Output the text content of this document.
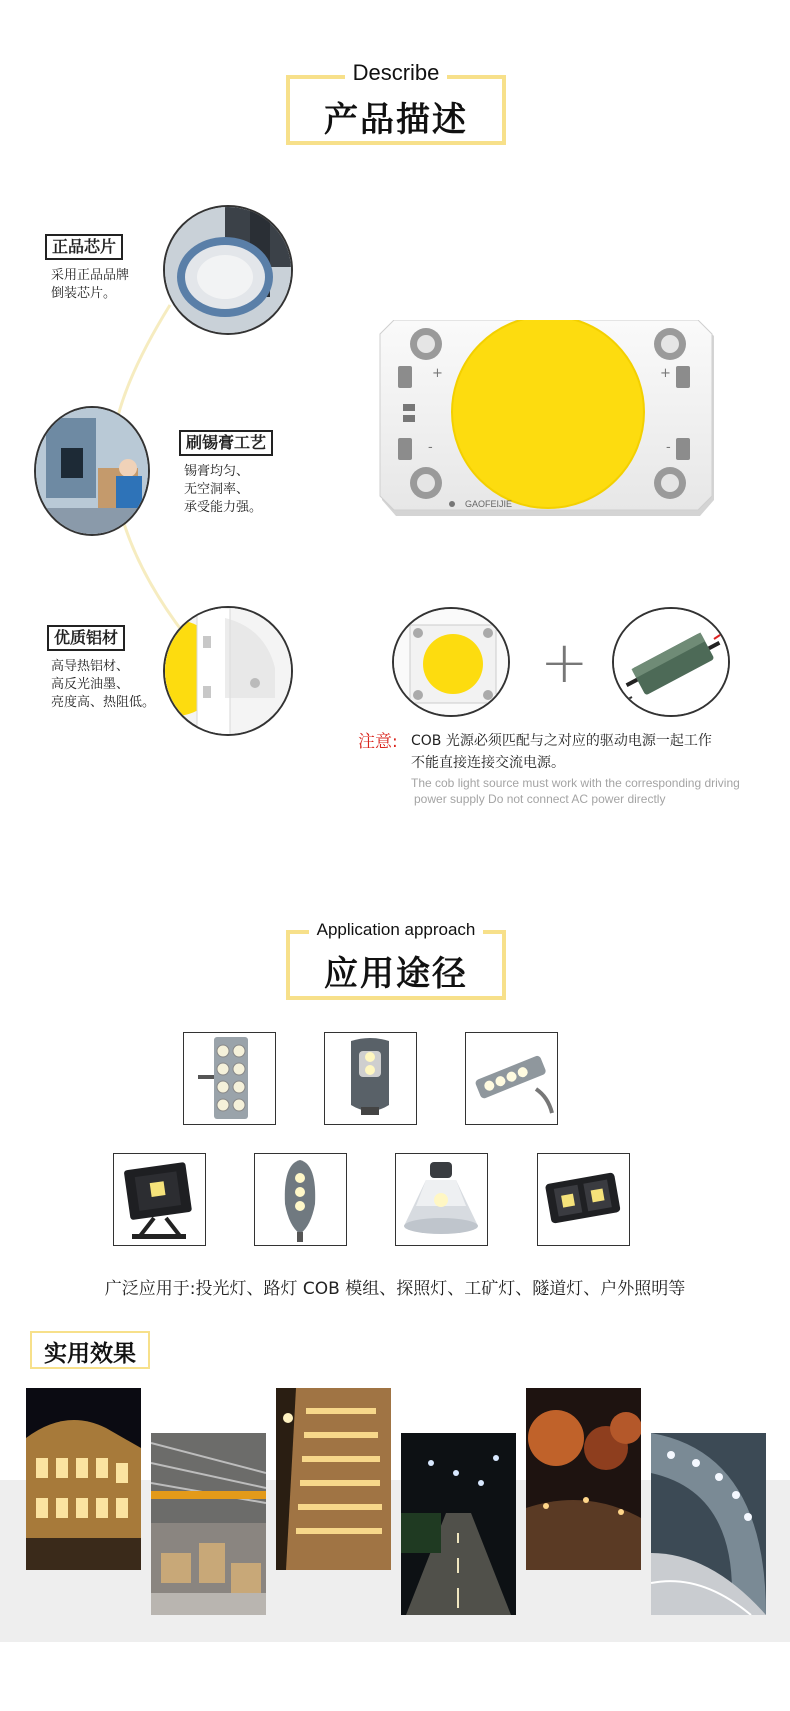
Describe
产品描述
正品芯片
采用正品品牌
倒装芯片。
刷锡膏工艺
锡膏均匀、
无空洞率、
承受能力强。
优质铝材
高导热铝材、
高反光油墨、
亮度高、热阻低。
GAOFEIJIE
+	+
-	-
+
注意: COB 光源必须匹配与之对应的驱动电源一起工作
不能直接连接交流电源。
The cob light source must work with the corresponding driving
power supply Do not connect AC power directly
Application approach
应用途径
广泛应用于:投光灯、路灯 COB 模组、探照灯、工矿灯、隧道灯、户外照明等
实用效果
